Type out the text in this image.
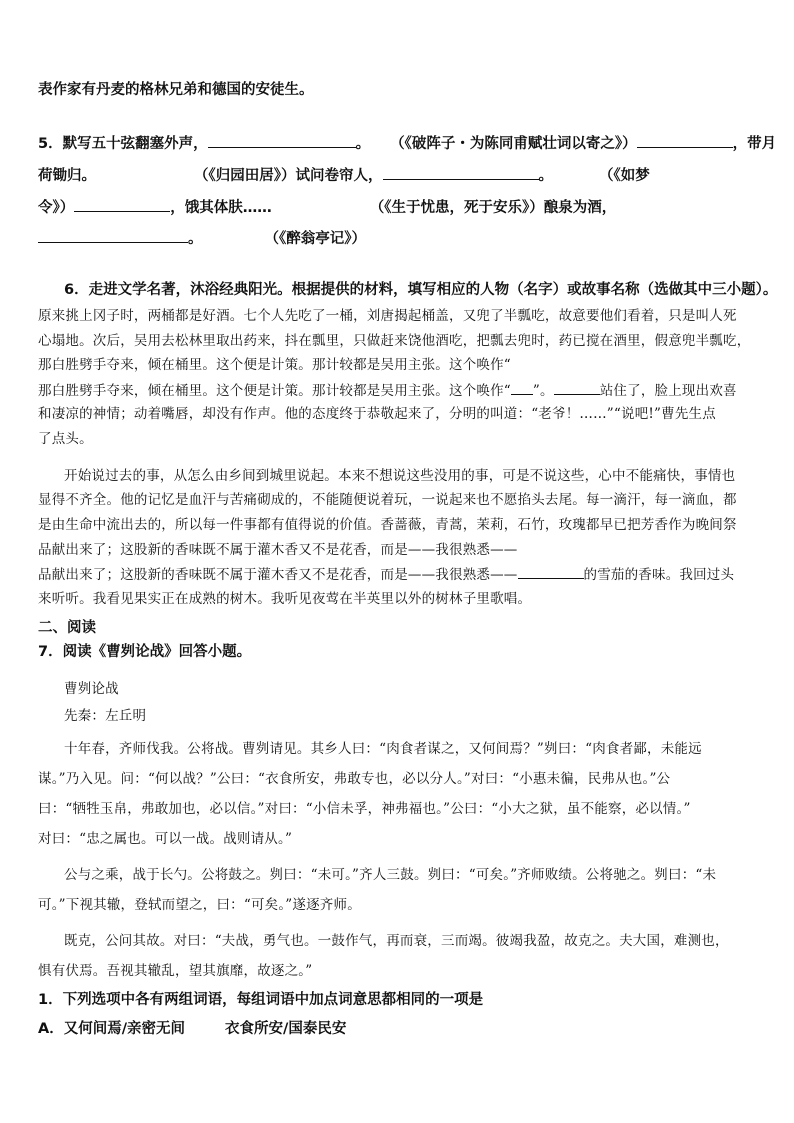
表作家有丹麦的格林兄弟和德国的安徒生。
5．默写五十弦翻塞外声，	。 （《破阵子・为陈同甫赋壮词以寄之》）	，带月
荷锄归。	（《归园田居》）试问卷帘人，	。	（《如梦
令》）	，饿其体肤……	（《生于忧患，死于安乐》）酿泉为酒，
。	（《醉翁亭记》）
6．走进文学名著，沐浴经典阳光。根据提供的材料，填写相应的人物（名字）或故事名称（选做其中三小题）。
原来挑上冈子时，两桶都是好酒。七个人先吃了一桶，刘唐揭起桶盖，又兜了半瓢吃，故意要他们看着，只是叫人死
心塌地。次后，吴用去松林里取出药来，抖在瓢里，只做赶来饶他酒吃，把瓢去兜时，药已搅在酒里，假意兜半瓢吃，
那白胜劈手夺来，倾在桶里。这个便是计策。那计较都是吴用主张。这个唤作“
那白胜劈手夺来，倾在桶里。这个便是计策。那计较都是吴用主张。这个唤作“ ”。	站住了，脸上现出欢喜
和凄凉的神情；动着嘴唇，却没有作声。他的态度终于恭敬起来了，分明的叫道：“老爷！……”“说吧!”曹先生点
了点头。
开始说过去的事，从怎么由乡间到城里说起。本来不想说这些没用的事，可是不说这些，心中不能痛快，事情也
显得不齐全。他的记忆是血汗与苦痛砌成的，不能随便说着玩，一说起来也不愿掐头去尾。每一滴汗，每一滴血，都
是由生命中流出去的，所以每一件事都有值得说的价值。香蔷薇，青蒿，茉莉，石竹，玫瑰都早已把芳香作为晚间祭
品献出来了；这股新的香味既不属于灌木香又不是花香，而是——我很熟悉——
品献出来了；这股新的香味既不属于灌木香又不是花香，而是——我很熟悉——	的雪茄的香味。我回过头
来听听。我看见果实正在成熟的树木。我听见夜莺在半英里以外的树林子里歌唱。
二、阅读
7．阅读《曹刿论战》回答小题。
曹刿论战
先秦：左丘明
十年春，齐师伐我。公将战。曹刿请见。其乡人曰：“肉食者谋之，又何间焉？”刿曰：“肉食者鄙，未能远
谋。”乃入见。问：“何以战？”公曰：“衣食所安，弗敢专也，必以分人。”对曰：“小惠未徧，民弗从也。”公
曰：“牺牲玉帛，弗敢加也，必以信。”对曰：“小信未孚，神弗福也。”公曰：“小大之狱，虽不能察，必以情。”
对曰：“忠之属也。可以一战。战则请从。”
公与之乘，战于长勺。公将鼓之。刿曰：“未可。”齐人三鼓。刿曰：“可矣。”齐师败绩。公将驰之。刿曰：“未
可。”下视其辙，登轼而望之，曰：“可矣。”遂逐齐师。
既克，公问其故。对曰：“夫战，勇气也。一鼓作气，再而衰，三而竭。彼竭我盈，故克之。夫大国，难测也，
惧有伏焉。吾视其辙乱，望其旗靡，故逐之。”
1．下列选项中各有两组词语，每组词语中加点词意思都相同的一项是
A．又何间焉/亲密无间	衣食所安/国泰民安
